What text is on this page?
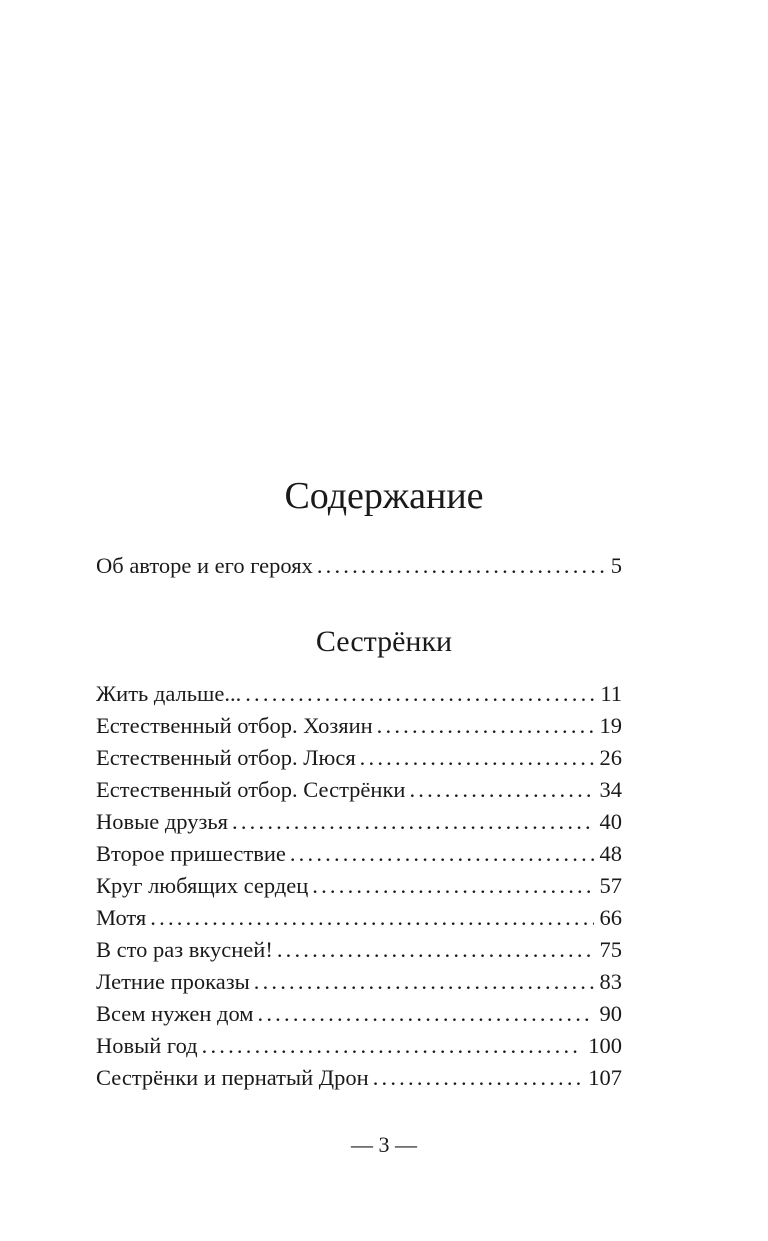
Содержание
Об авторе и его героях .....	5
Сестрёнки
Жить дальше... .....	11
Естественный отбор. Хозяин .....	19
Естественный отбор. Люся .....	26
Естественный отбор. Сестрёнки .....	34
Новые друзья .....	40
Второе пришествие .....	48
Круг любящих сердец .....	57
Мотя .....	66
В сто раз вкусней! .....	75
Летние проказы .....	83
Всем нужен дом .....	90
Новый год .....	100
Сестрёнки и пернатый Дрон .....	107
— 3 —
